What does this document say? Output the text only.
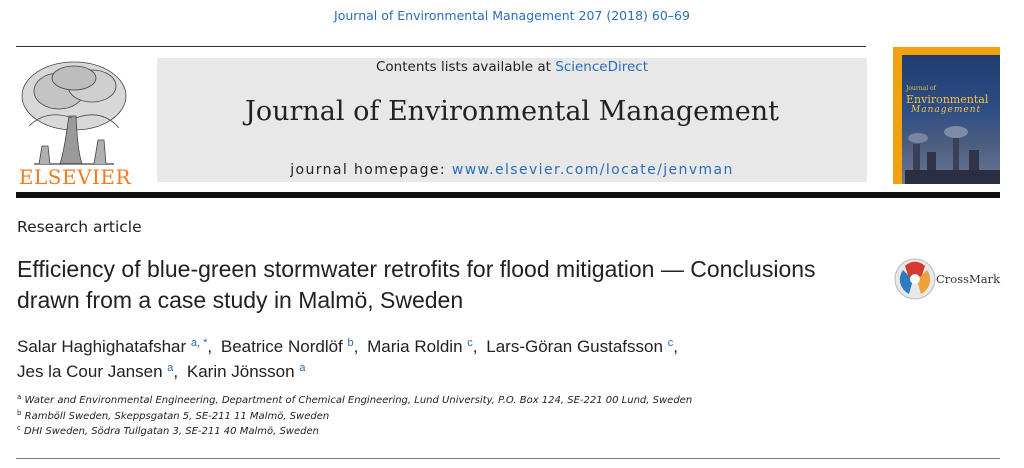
Journal of Environmental Management 207 (2018) 60–69
ELSEVIER
Contents lists available at ScienceDirect
Journal of Environmental Management
journal homepage: www.elsevier.com/locate/jenvman
Journal of
Environmental
Management
Research article
Efficiency of blue-green stormwater retrofits for flood mitigation — Conclusions drawn from a case study in Malmö, Sweden
CrossMark
Salar Haghighatafshar $^{a, *}$, Beatrice Nordlöf $^b$, Maria Roldin $^c$, Lars-Göran Gustafsson $^c$,
Jes la Cour Jansen $^a$, Karin Jönsson $^a$
$^a$ Water and Environmental Engineering, Department of Chemical Engineering, Lund University, P.O. Box 124, SE-221 00 Lund, Sweden
$^b$ Ramböll Sweden, Skeppsgatan 5, SE-211 11 Malmö, Sweden
$^c$ DHI Sweden, Södra Tullgatan 3, SE-211 40 Malmö, Sweden
